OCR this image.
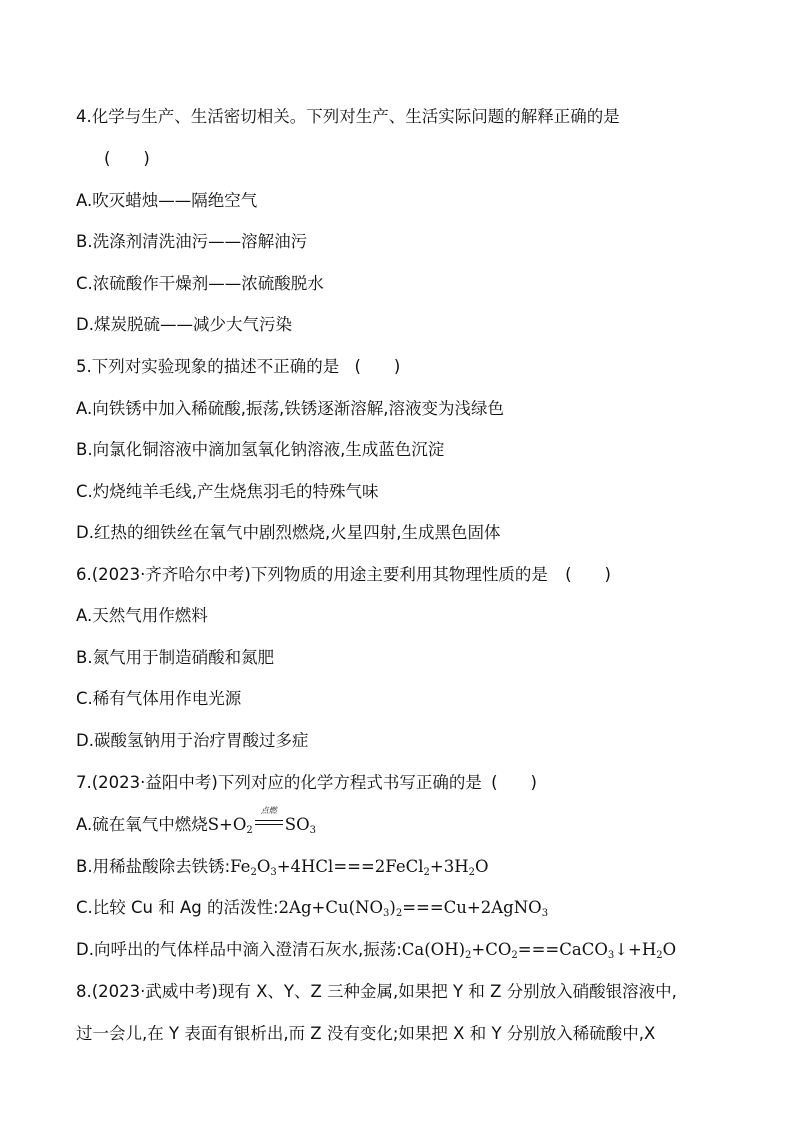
4.化学与生产、生活密切相关。下列对生产、生活实际问题的解释正确的是
(　　)
A.吹灭蜡烛——隔绝空气
B.洗涤剂清洗油污——溶解油污
C.浓硫酸作干燥剂——浓硫酸脱水
D.煤炭脱硫——减少大气污染
5.下列对实验现象的描述不正确的是 (　　)
A.向铁锈中加入稀硫酸,振荡,铁锈逐渐溶解,溶液变为浅绿色
B.向氯化铜溶液中滴加氢氧化钠溶液,生成蓝色沉淀
C.灼烧纯羊毛线,产生烧焦羽毛的特殊气味
D.红热的细铁丝在氧气中剧烈燃烧,火星四射,生成黑色固体
6.(2023·齐齐哈尔中考)下列物质的用途主要利用其物理性质的是 (　　)
A.天然气用作燃料
B.氮气用于制造硝酸和氮肥
C.稀有气体用作电光源
D.碳酸氢钠用于治疗胃酸过多症
7.(2023·益阳中考)下列对应的化学方程式书写正确的是 (　　)
A.硫在氧气中燃烧$S+O_2$
点燃
$SO_3$
B.用稀盐酸除去铁锈$:Fe_2O_3+4HCl===2FeCl_2+3H_2O$
C.比较 Cu 和 Ag 的活泼性$:2Ag+Cu(NO_3)_2===Cu+2AgNO_3$
D.向呼出的气体样品中滴入澄清石灰水,振荡$:Ca(OH)_2+CO_2===CaCO_3↓+H_2O$
8.(2023·武威中考)现有 X、Y、Z 三种金属,如果把 Y 和 Z 分别放入硝酸银溶液中,
过一会儿,在 Y 表面有银析出,而 Z 没有变化;如果把 X 和 Y 分别放入稀硫酸中,X
